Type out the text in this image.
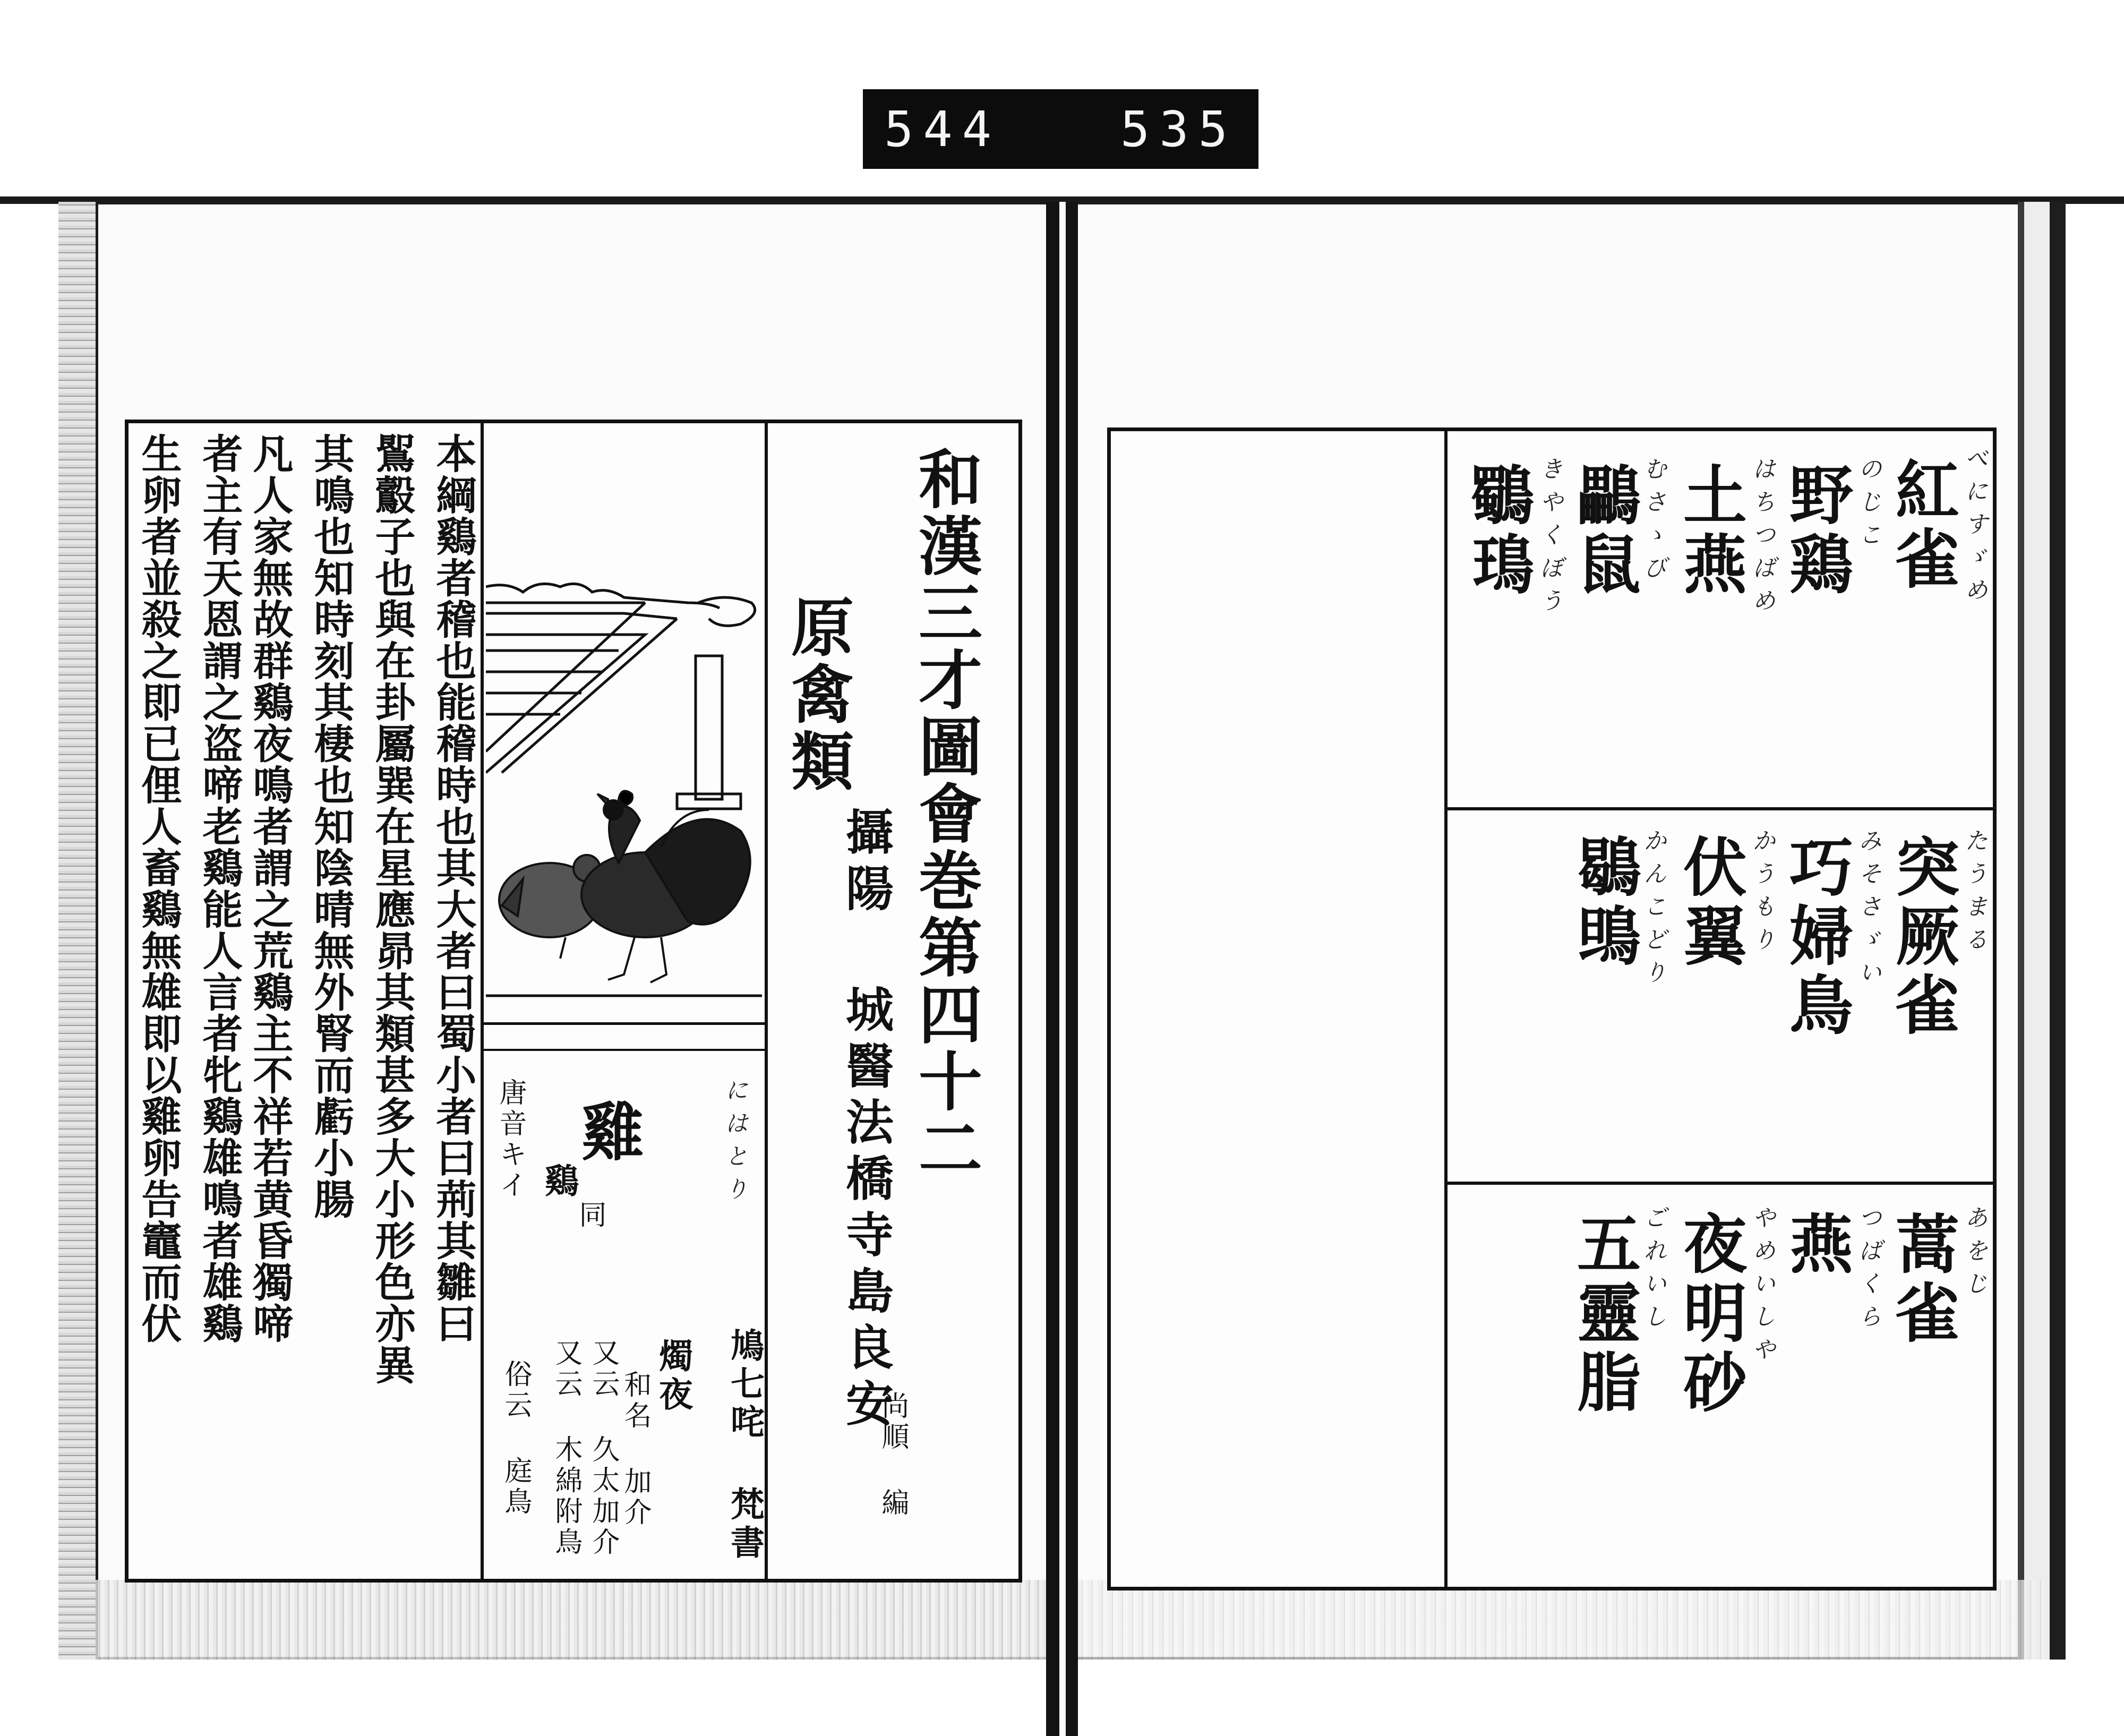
544 535
和漢三才圖會巻第四十二
原禽類
攝陽 城醫法橋寺島良安
尚順 編
雞
鷄
同
唐音キイ	にはとり
鳩七咤 梵書
燭夜
和名 加介
又云 久太加介
又云 木綿附鳥
俗云 庭鳥
本綱鷄者稽也能稽時也其大者曰蜀小者曰荊其雛曰
𪃹鷇子也與在卦屬巽在星應昴其類甚多大小形色亦異
其鳴也知時刻其棲也知陰晴無外腎而虧小腸
凡人家無故群鷄夜鳴者謂之荒鷄主不祥若黄昏獨啼
者主有天恩謂之盗啼老鷄能人言者牝鷄雄鳴者雄鷄
生卵者並殺之即已俚人畜鷄無雄即以雞卵告竈而伏	紅雀 べにすゞめ
野鶏 のじこ
土燕 はちつばめ
鸓鼠
むさゝび
鸀鳿 きやくぼう
突厥雀 たうまる
巧婦鳥 みそさゞい
伏翼 かうもり
鶡鴠
かんこどり
蒿雀 あをじ
燕 つばくら
夜明砂 やめいしや
五靈脂
ごれいし
